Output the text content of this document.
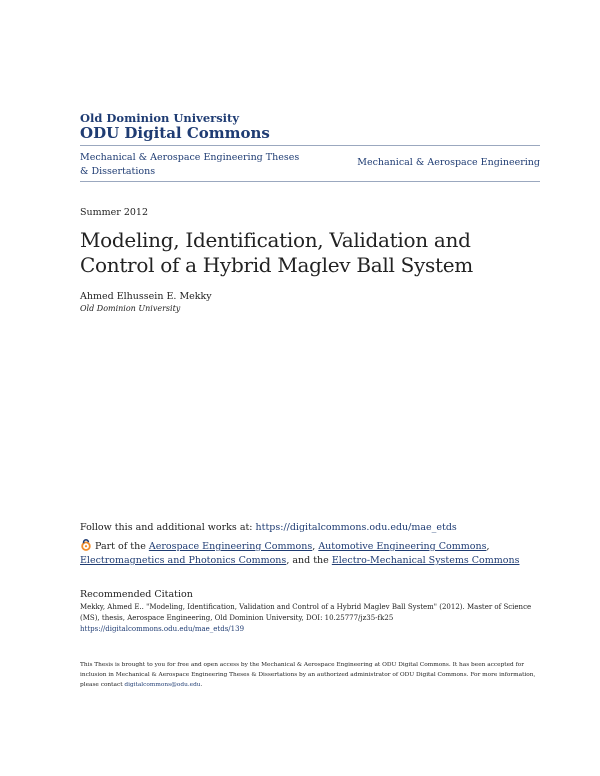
Old Dominion University
ODU Digital Commons
Mechanical & Aerospace Engineering Theses & Dissertations
Mechanical & Aerospace Engineering
Summer 2012
Modeling, Identification, Validation and Control of a Hybrid Maglev Ball System
Ahmed Elhussein E. Mekky
Old Dominion University
Follow this and additional works at: https://digitalcommons.odu.edu/mae_etds
Part of the Aerospace Engineering Commons, Automotive Engineering Commons,
Electromagnetics and Photonics Commons, and the Electro-Mechanical Systems Commons
Recommended Citation
Mekky, Ahmed E.. "Modeling, Identification, Validation and Control of a Hybrid Maglev Ball System" (2012). Master of Science (MS), thesis, Aerospace Engineering, Old Dominion University, DOI: 10.25777/jz35-fk25
https://digitalcommons.odu.edu/mae_etds/139
This Thesis is brought to you for free and open access by the Mechanical & Aerospace Engineering at ODU Digital Commons. It has been accepted for inclusion in Mechanical & Aerospace Engineering Theses & Dissertations by an authorized administrator of ODU Digital Commons. For more information, please contact digitalcommons@odu.edu.
